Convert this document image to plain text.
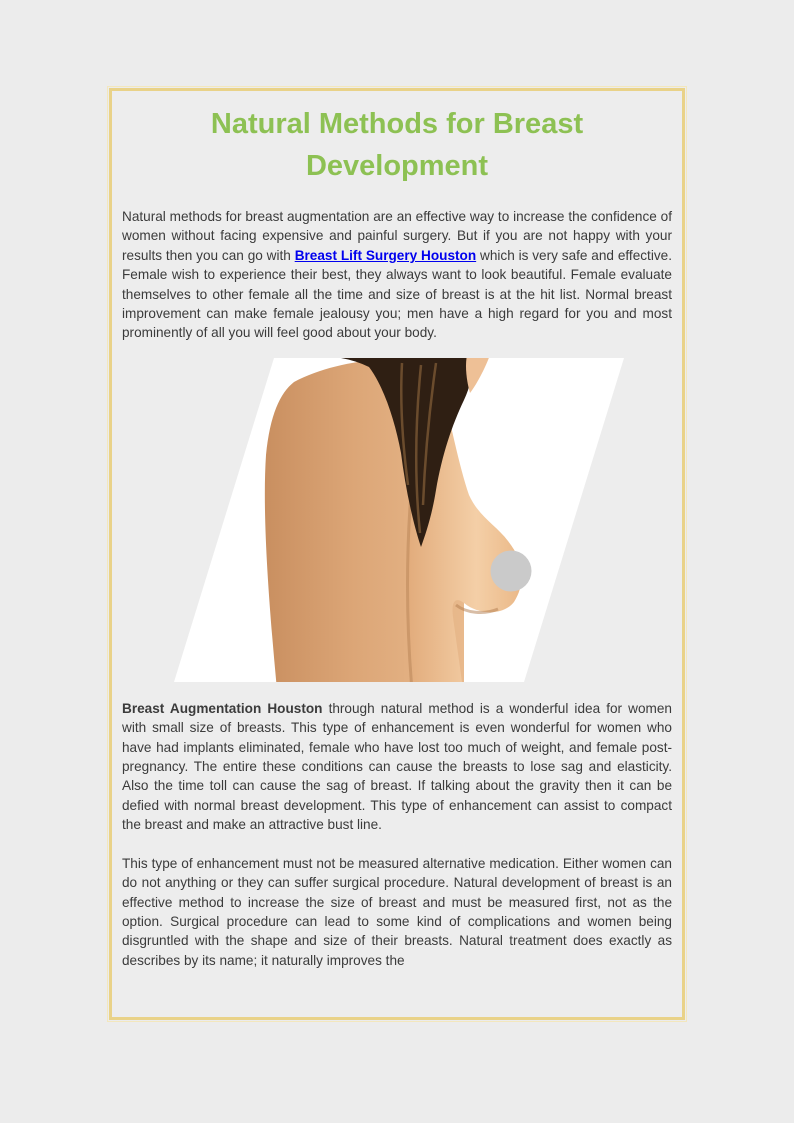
Natural Methods for Breast Development

Natural methods for breast augmentation are an effective way to increase the confidence of women without facing expensive and painful surgery. But if you are not happy with your results then you can go with Breast Lift Surgery Houston which is very safe and effective. Female wish to experience their best, they always want to look beautiful. Female evaluate themselves to other female all the time and size of breast is at the hit list. Normal breast improvement can make female jealousy you; men have a high regard for you and most prominently of all you will feel good about your body.

Breast Augmentation Houston through natural method is a wonderful idea for women with small size of breasts. This type of enhancement is even wonderful for women who have had implants eliminated, female who have lost too much of weight, and female post-pregnancy. The entire these conditions can cause the breasts to lose sag and elasticity. Also the time toll can cause the sag of breast. If talking about the gravity then it can be defied with normal breast development. This type of enhancement can assist to compact the breast and make an attractive bust line.

This type of enhancement must not be measured alternative medication. Either women can do not anything or they can suffer surgical procedure. Natural development of breast is an effective method to increase the size of breast and must be measured first, not as the option. Surgical procedure can lead to some kind of complications and women being disgruntled with the shape and size of their breasts. Natural treatment does exactly as describes by its name; it naturally improves the
